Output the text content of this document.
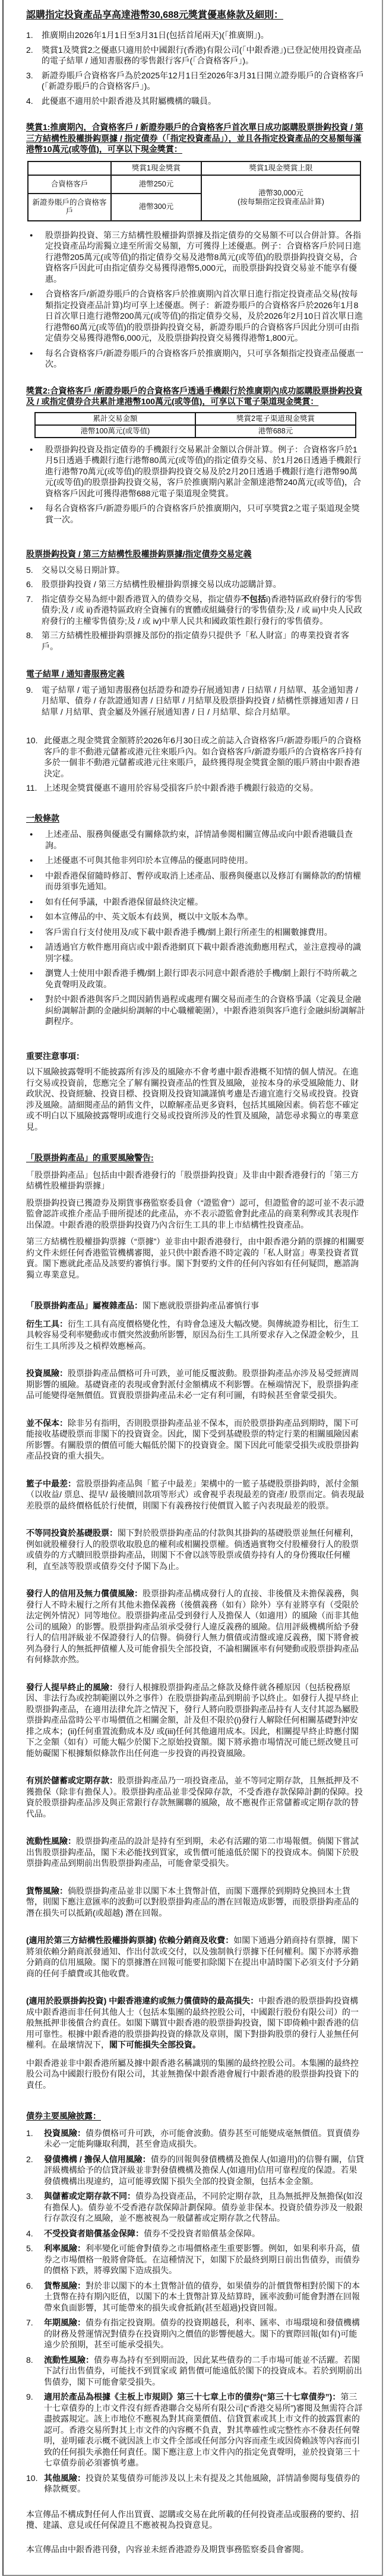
認購指定投資產品享高達港幣30,688元獎賞優惠條款及細則：
1.	推廣期由2026年1月1日至3月31日(包括首尾兩天)(「推廣期」)。
2.	獎賞1及獎賞2之優惠只適用於中國銀行(香港)有限公司(「中銀香港」)已登記使用投資產品的電子結單 / 通知書服務的零售銀行客戶(「合資格客戶」)。
3.	新證券賬戶合資格客戶為於2025年12月1日至2026年3月31日開立證券賬戶的合資格客戶(「新證券賬戶的合資格客戶」)。
4.	此優惠不適用於中銀香港及其附屬機構的職員。

獎賞1:推廣期內，合資格客戶 / 新證券賬戶的合資格客戶首次單日成功認購股票掛鈎投資 / 第三方結構性股權掛鈎票據 / 指定債券（「指定投資產品」），並且各指定投資產品的交易額每滿港幣10萬元(或等值)，可享以下現金獎賞：

	獎賞1現金獎賞	獎賞1現金獎賞上限
合資格客戶	港幣250元	港幣30,000元
(按每類指定投資產品計算)

新證券賬戶的合資格客戶	港幣300元	
● 股票掛鈎投資、第三方結構性股權掛鈎票據及指定債券的交易額不可以合併計算。各指定投資產品均需獨立達至所需交易額，方可獲得上述優惠。例子：合資格客戶於同日進行港幣205萬元(或等值)的指定債券交易及港幣8萬元(或等值)的股票掛鈎投資交易，合資格客戶因此可由指定債券交易獲得港幣5,000元，而股票掛鈎投資交易並不能享有優惠。
● 合資格客戶/新證券賬戶的合資格客戶於推廣期內首次單日進行指定投資產品交易(按每類指定投資產品計算)均可享上述優惠。例子：新證券賬戶的合資格客戶於2026年1月8日首次單日進行港幣200萬元(或等值)的指定債券交易，及於2026年2月10日首次單日進行港幣60萬元(或等值)的股票掛鈎投資交易，新證券賬戶的合資格客戶因此分別可由指定債券交易獲得港幣6,000元，及股票掛鈎投資交易獲得港幣1,800元。
● 每名合資格客戶/新證券賬戶的合資格客戶於推廣期內，只可享各類指定投資產品優惠一次。

獎賞2:合資格客戶 /新證券賬戶的合資格客戶透過手機銀行於推廣期內成功認購股票掛鈎投資及 / 或指定債券合共累計達港幣100萬元(或等值)，可享以下電子渠道現金獎賞：

累計交易金額	獎賞2電子渠道現金獎賞
港幣100萬元(或等值)	港幣688元
● 股票掛鈎投資及指定債券的手機銀行交易累計金額以合併計算。例子：合資格客戶於1月5日透過手機銀行進行港幣80萬元(或等值)的指定債券交易、於1月26日透過手機銀行進行港幣70萬元(或等值)的股票掛鈎投資交易及於2月20日透過手機銀行進行港幣90萬元(或等值)的股票掛鈎投資交易，客戶於推廣期內累計金額達港幣240萬元(或等值)，合資格客戶因此可獲得港幣688元電子渠道現金獎賞。
● 每名合資格客戶/新證券賬戶的合資格客戶於推廣期內，只可享獎賞2之電子渠道現金獎賞一次。

股票掛鈎投資 / 第三方結構性股權掛鈎票據/指定債券交易定義

5.	交易以交易日期計算。
6.	股票掛鈎投資 / 第三方結構性股權掛鈎票據交易以成功認購計算。
7.	指定債券交易為經中銀香港買入的債券交易，指定債券不包括i)香港特區政府發行的零售債券;及 / 或 ii)香港特區政府全資擁有的實體或組織發行的零售債券;及 / 或 iii)中央人民政府發行的主權零售債券;及 / 或 iv)中華人民共和國政策性銀行發行的零售債券。
8.	第三方結構性股權掛鈎票據及部份的指定債券只提供予「私人財富」的專業投資者客戶。

電子結單 / 通知書服務定義

9.	電子結單 / 電子通知書服務包括證券和證券孖展通知書 / 日結單 / 月結單、基金通知書 / 月結單、債券 / 存款證通知書 / 日結單 / 月結單及股票掛鈎投資 / 結構性票據通知書 / 日結單 / 月結單、貴金屬及外匯孖展通知書 / 日 / 月結單、綜合月結單。
10. 此優惠之現金獎賞金額將於2026年6月30日或之前誌入合資格客戶/新證券賬戶的合資格客戶的非不動港元儲蓄或港元往來賬戶內。如合資格客戶/新證券賬戶的合資格客戶持有多於一個非不動港元儲蓄或港元往來賬戶，最終獲得現金獎賞金額的賬戶將由中銀香港決定。
11. 上述現金獎賞優惠不適用於容易受損客戶於中銀香港手機銀行敍造的交易。

一般條款

● 上述產品、服務與優惠受有關條款約束，詳情請參閱相關宣傳品或向中銀香港職員查詢。
● 上述優惠不可與其他非列印於本宣傳品的優惠同時使用。
● 中銀香港保留隨時修訂、暫停或取消上述產品、服務與優惠以及修訂有關條款的酌情權而毋須事先通知。
● 如有任何爭議，中銀香港保留最終決定權。
● 如本宣傳品的中、英文版本有歧異，概以中文版本為準。
● 客戶需自行支付使用及/或下載中銀香港手機/網上銀行所產生的相關數據費用。
● 請透過官方軟件應用商店或中銀香港網頁下載中銀香港流動應用程式，並注意搜尋的識別字樣。
● 瀏覽人士使用中銀香港手機/網上銀行即表示同意中銀香港於手機/網上銀行不時所載之免責聲明及政策。
● 對於中銀香港與客戶之間因銷售過程或處理有關交易而產生的合資格爭議（定義見金融糾紛調解計劃的金融糾紛調解的中心職權範圍），中銀香港須與客戶進行金融糾紛調解計劃程序。

重要注意事項：

以下風險披露聲明不能披露所有涉及的風險亦不會考慮中銀香港概不知情的個人情況。在進行交易或投資前，您應完全了解有關投資產品的性質及風險，並按本身的承受風險能力、財政狀況、投資經驗、投資目標、投資期及投資知識謹慎考慮是否適宜進行交易或投資。投資涉及風險。請細閱產品的銷售文件，以瞭解產品更多資料，包括其風險因素。倘若您不確定或不明白以下風險披露聲明或進行交易或投資所涉及的性質及風險，請您尋求獨立的專業意見。

「股票掛鈎產品」的重要風險警告:

「股票掛鈎產品」包括由中銀香港發行的「股票掛鈎投資」及非由中銀香港發行的「第三方結構性股權掛鈎票據」

股票掛鈎投資已獲證券及期貨事務監察委員會（“證監會”）認可，但證監會的認可並不表示證監會認許或推介產品手冊所提述的此產品，亦不表示證監會對此產品的商業利弊或其表現作出保證。中銀香港的股票掛鈎投資乃內含衍生工具的非上市結構性投資產品。

第三方結構性股權掛鈎票據（“票據”）並非由中銀香港發行，由中銀香港分銷的票據的相關要約文件未經任何香港監管機構審閱，並只供中銀香港不時定義的「私人財富」專業投資者買賣。閣下應就此產品及該要約審慎行事。閣下對要約文件的任何內容如有任何疑問，應諮詢獨立專業意見。

「股票掛鈎產品」屬複雜產品：閣下應就股票掛鈎產品審慎行事

衍生工具：衍生工具有高度價格變化性，有時會急速及大幅改變。與傳統證券相比，衍生工具較容易受利率變動或市價突然波動所影響，原因為衍生工具所要求存入之保證金較少，且衍生工具所涉及之槓桿效應極高。

投資風險：股票掛鈎產品價格可升可跌，並可能反覆波動。股票掛鈎產品亦涉及易受經濟周期影響的風險。基礎資產的表現或會對派付金額構成不利影響。在極端情況下，股票掛鈎產品可能變得毫無價值。買賣股票掛鈎產品未必一定有利可圖，有時候甚至會蒙受損失。

並不保本：除非另有指明，否則股票掛鈎產品並不保本，而於股票掛鈎產品到期時，閣下可能接收基礎股票而非閣下的投資資金。因此，閣下受到基礎股票的特定行業的相關風險因素所影響。有關股票的價值可能大幅低於閣下的投資資金。閣下因此可能蒙受損失或股票掛鈎產品投資的重大損失。

籃子中最差：當股票掛鈎產品與「籃子中最差」架構中的一籃子基礎股票掛鈎時，派付金額（以收益/ 票息、提早/ 最後贖回款項等形式）或會視乎表現最差的資產/ 股票而定。倘表現最差股票的最終價格低於行使價，則閣下有義務按行使價買入籃子內表現最差的股票。

不等同投資於基礎股票：閣下對於股票掛鈎產品的付款與其掛鈎的基礎股票並無任何權利，例如就股權發行人的股票收取股息的權利或相關投票權。倘透過實物交付股權發行人的股票或債券的方式贖回股票掛鈎產品，則閣下不會以該等股票或債券持有人的身份獲取任何權利，直至該等股票或債券交付予閣下為止。

發行人的信用及無力償債風險：股票掛鈎產品構成發行人的直接、非後償及未擔保義務，與發行人不時未履行之所有其他未擔保義務（後償義務（如有）除外）享有並將享有（受限於法定例外情況）同等地位。股票掛鈎產品受到發行人及擔保人（如適用）的風險（而非其他公司的風險）的影響。股票掛鈎產品須承受發行人違反義務的風險。信用評級機構所給予發行人的信用評級並不保證發行人的信譽。倘發行人無力償債或清盤或違反義務，閣下將會被列為發行人的無抵押債權人及可能會損失全部投資，不論相關匯率有何變動或股票掛鈎產品有何條款亦然。

發行人提早終止的風險：發行人根據股票掛鈎產品之條款及條件就各種原因（包括稅務原因、非法行為或控制範圍以外之事件）在股票掛鈎產品到期前予以終止。如發行人提早終止股票掛鈎產品，在適用法律允許之情況下，發行人將向股票掛鈎產品持有人支付其認為屬股票掛鈎產品當時公平市場價值之相關金額，計及但不限於(i)發行人解除任何相關基礎對沖安排之成本；(ii)任何重置流動成本及/ 或(iii)任何其他適用成本。因此，相關提早終止時應付閣下之金額（如有）可能大幅少於閣下之原始投資額。閣下將承擔市場情況可能已經改變且可能妨礙閣下根據類似條款作出任何進一步投資的再投資風險。

有別於儲蓄或定期存款：股票掛鈎產品乃一項投資產品，並不等同定期存款，且無抵押及不獲擔保（除非有擔保人）。股票掛鈎產品並非受保障存款，不受香港存款保障計劃的保障。投資於股票掛鈎產品涉及與正常銀行存款無關聯的風險，故不應視作正常儲蓄或定期存款的替代品。

流動性風險：股票掛鈎產品的設計是持有至到期，未必有活躍的第二市場報價。倘閣下嘗試出售股票掛鈎產品，閣下未必能找到買家，或售價可能遠低於閣下的投資成本。倘閣下於股票掛鈎產品到期前出售股票掛鈎產品，可能會蒙受損失。

貨幣風險：倘股票掛鈎產品並非以閣下本土貨幣計值，而閣下選擇於到期時兌換回本土貨幣，則閣下應注意匯率的波動可以對股票掛鈎產品的潛在回報造成影響，而股票掛鈎產品的潛在損失可以抵銷(或超越) 潛在回報。

(適用於第三方結構性股權掛鈎票據) 依賴分銷商及收費：如閣下通過分銷商持有票據，閣下將須依賴分銷商派發通知、作出付款或交付，以及強制執行票據下任何權利。閣下亦將承擔分銷商的信用風險。閣下的票據潛在回報可能要扣除閣下在提出申請時閣下必須支付予分銷商的任何手續費或其他收費。

(適用於股票掛鈎投資) 中銀香港違約或無力償債時的最高損失：中銀香港的股票掛鈎投資構成中銀香港而非任何其他人士（包括本集團的最終控股公司，中國銀行股份有限公司）的一般無抵押非後償合約責任。如閣下購買中銀香港的股票掛鈎投資，閣下即倚賴中銀香港的信用可靠性。根據中銀香港的股票掛鈎投資的條款及章則，閣下對掛鈎股票的發行人並無任何權利。在最壞情況下，閣下可能損失全部投資。

中銀香港並非中銀香港所屬及據中銀香港名稱識別的集團的最終控股公司。本集團的最終控股公司為中國銀行股份有限公司，其並無擔保中銀香港會履行中銀香港的股票掛鈎投資下的責任。

債券主要風險披露：

1.	投資風險：債券價格可升可跌，亦可能會波動。債券甚至可能變成毫無價值。買賣債券未必一定能夠賺取利潤，甚至會造成損失。
2.	發債機構 / 擔保人信用風險：債券的回報與發債機構及擔保人(如適用)的信譽有關，信貸評級機構給予的信貸評級並非對發債機構及擔保人(如適用)信用可靠程度的保證。若果發債機構出現違約，這可能導致閣下損失全部的投資金額，包括本金金額。
3.	與儲蓄或定期存款不同：債券為投資產品，不同於定期存款，且為無抵押及無擔保(如沒有擔保人)。債券並不受香港存款保障計劃保障。債券並非保本。投資於債券涉及一般銀行存款沒有之風險，並不應被視為一般儲蓄或定期存款之代替品。
4.	不受投資者賠償基金保障：債券不受投資者賠償基金保障。
5.	利率風險：利率變化可能會對債券之市場價格產生重要影響。例如，如果利率升高，債券之市場價格一般將會降低。在這種情況下，如閣下於最終到期日前出售債券，而債券的價格下跌，將導致閣下造成損失。
6.	貨幣風險：對於非以閣下的本土貨幣計值的債券，如果債券的計價貨幣相對於閣下的本土貨幣在持有期內貶值，以閣下的本土貨幣計算及結算時，匯率波動可能會對潛在回報帶來負面影響，其可能帶來的損失或會抵銷(甚至超過)投資回報。
7.	年期風險：債券有指定投資期。債券的投資期越長，利率、匯率、市場環境和發債機構的財務及營運情況對債券在投資期內之價值的影響便越大。閣下的實際回報(如有)可能遠少於預期，甚至可能承受損失。
8.	流動性風險：債券專為持有至到期而設，因此某些債券的二手市場可能並不活躍。若閣下試行出售債券，可能找不到買家或 銷售價可能遠低於閣下的投資成本。若於到期前出售債券，閣下可能會蒙受損失。
9.	適用於產品為根據《主板上市規則》第三十七章上市的債券(“第三十七章債券”)：第三十七章債券的上市文件沒有經香港聯合交易所有限公司(“香港交易所”)審閱及無需符合詳盡披露規定。該上市地位不應視為對其商業價值、信貸質素或其上市文件的披露質素的認可。香港交易所對其上市文件的內容概不負責，對其準確性或完整性亦不發表任何聲明，並明確表示概不就因該上市文件全部或任何部分內容而產生或因倚賴該等內容而引致的任何損失承擔任何責任。閣下應注意上市文件內的指定免責聲明，並於投資第三十七章債券前必須審慎考慮。
10. 其他風險：投資於某隻債券可能涉及以上未有提及之其他風險，詳情請參閱每隻債券的條款概要。

本宣傳品不構成對任何人作出買賣、認購或交易在此所載的任何投資產品或服務的要約、招攬、建議、意見或任何保證且不應被視為投資意見。

本宣傳品由中銀香港刊發，內容並未經香港證券及期貨事務監察委員會審閱。
